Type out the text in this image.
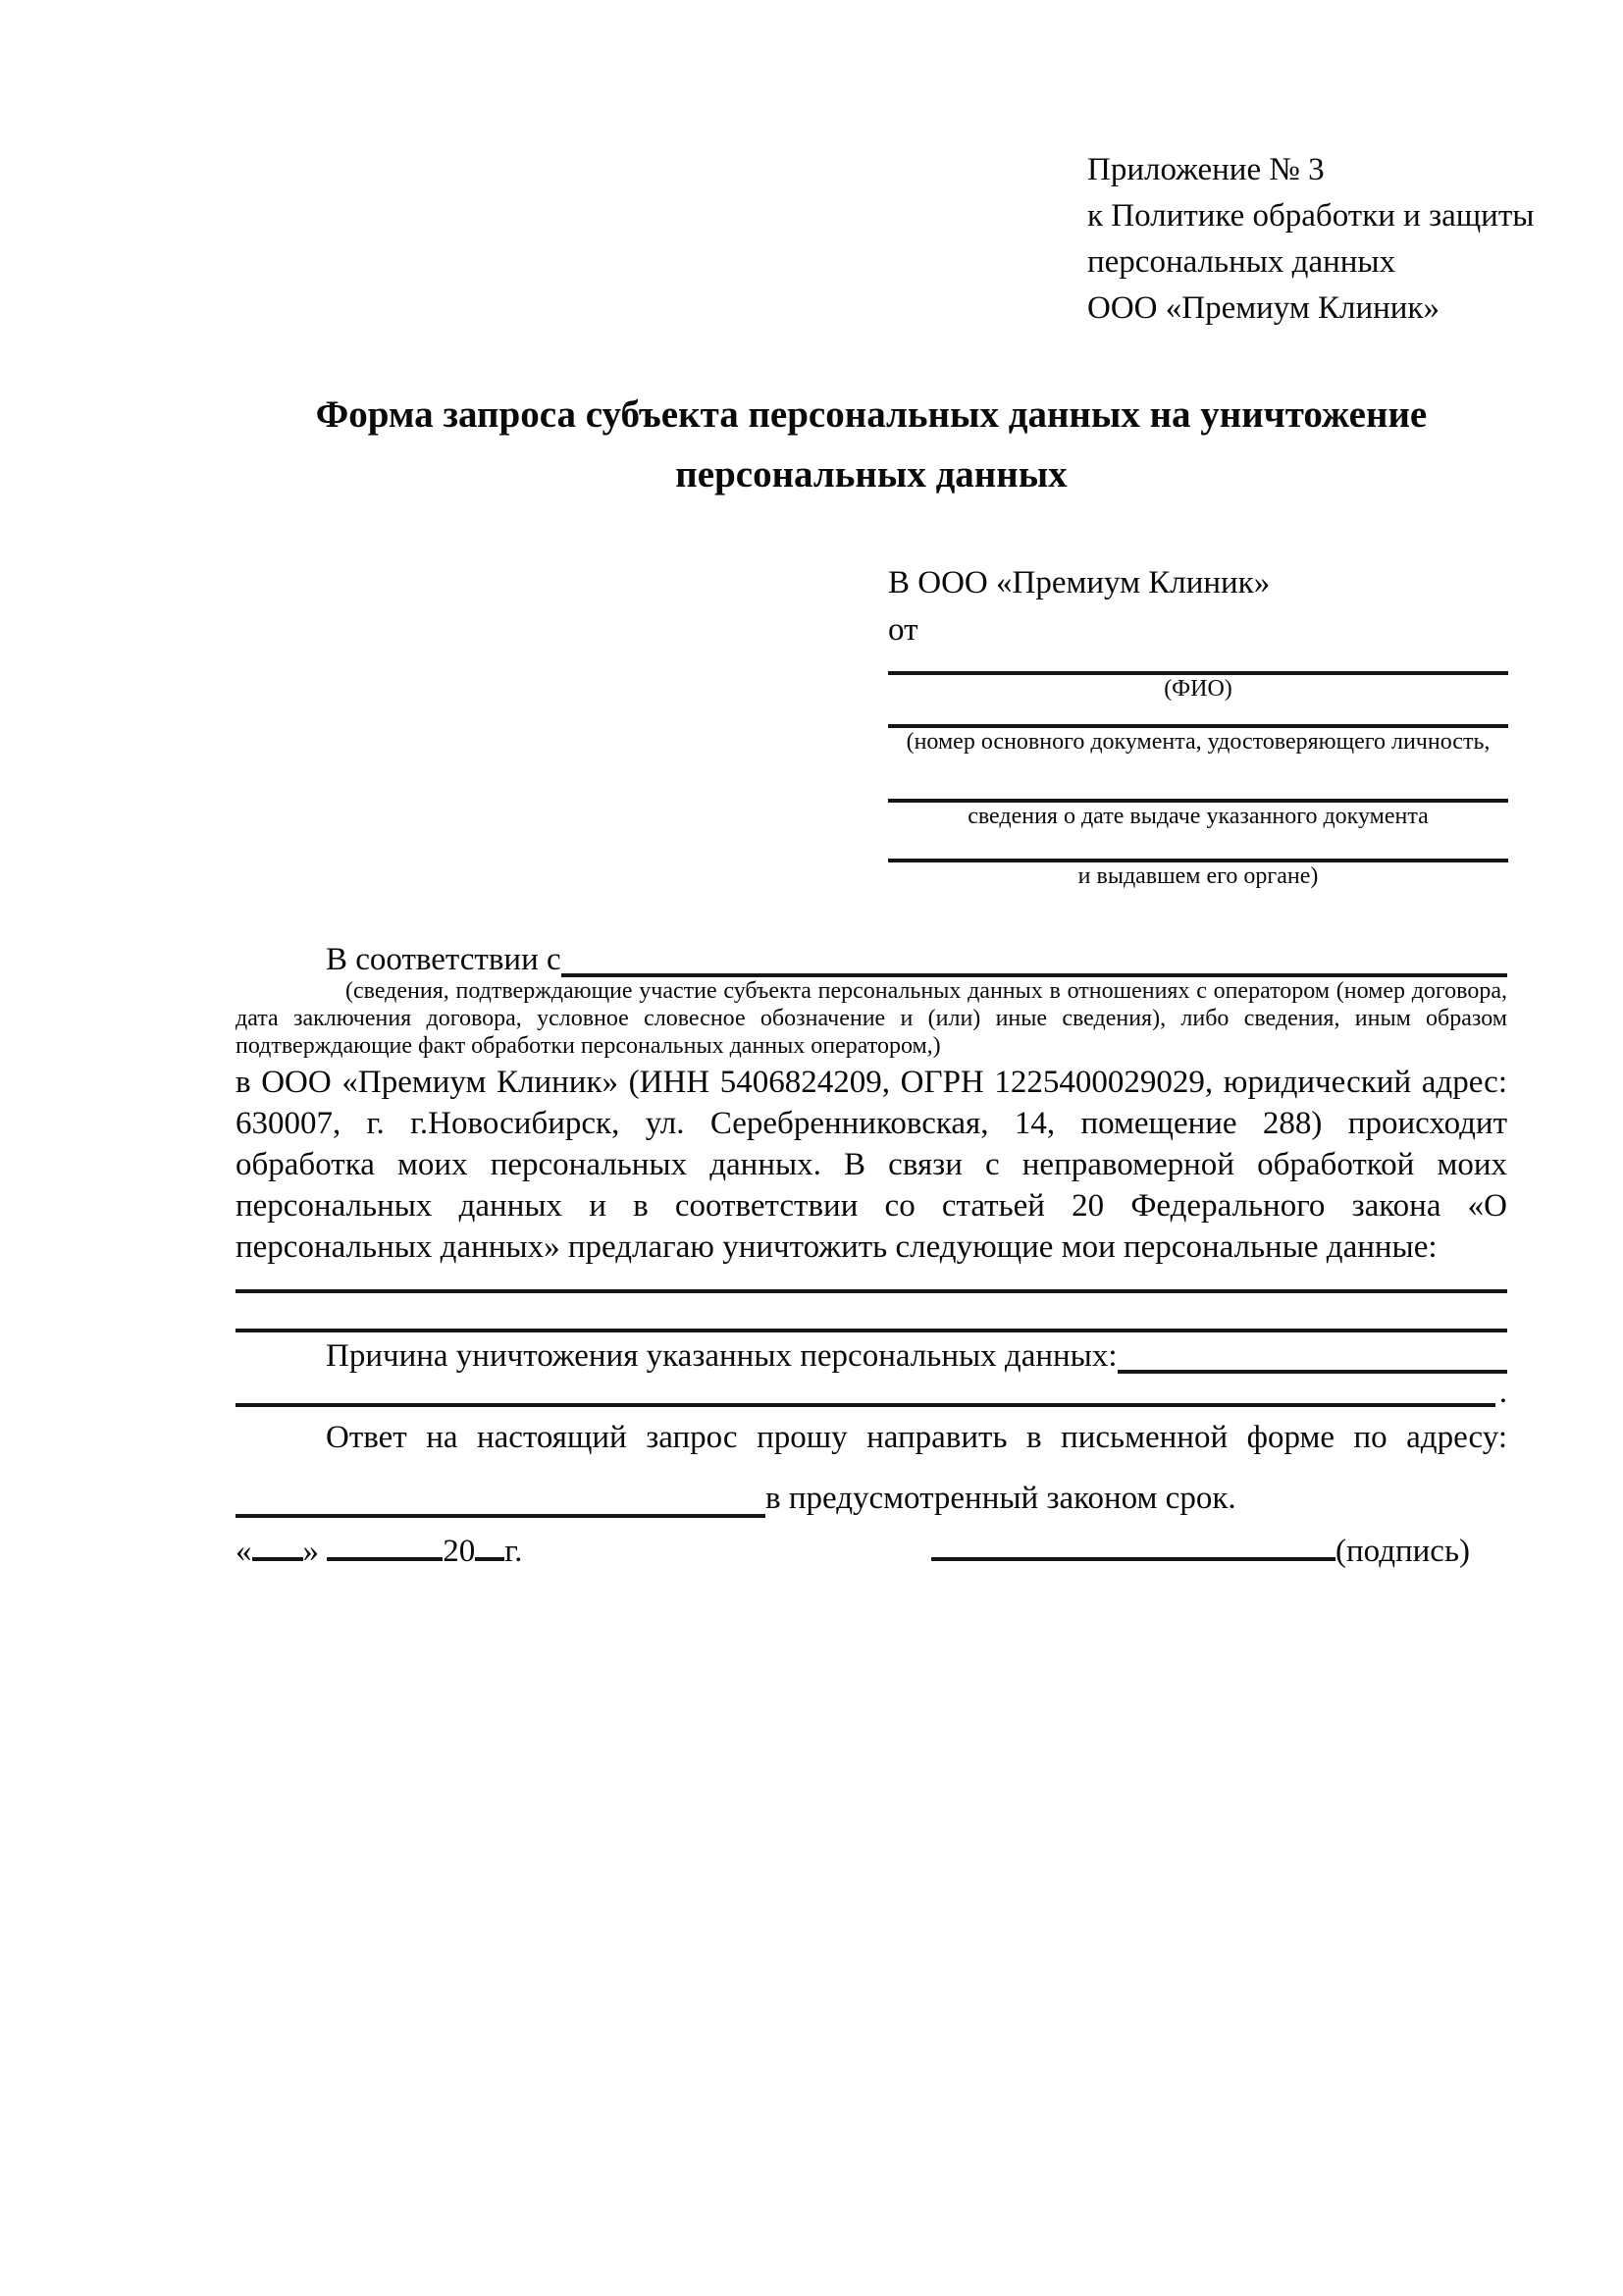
Приложение № 3
к Политике обработки и защиты
персональных данных
ООО «Премиум Клиник»
Форма запроса субъекта персональных данных на уничтожение
персональных данных
В ООО «Премиум Клиник»
от
(ФИО)
(номер основного документа, удостоверяющего личность,
сведения о дате выдаче указанного документа
и выдавшем его органе)
В соответствии с
(сведения, подтверждающие участие субъекта персональных данных в отношениях с оператором (номер договора, дата заключения договора, условное словесное обозначение и (или) иные сведения), либо сведения, иным образом подтверждающие факт обработки персональных данных оператором,)
в ООО «Премиум Клиник» (ИНН 5406824209, ОГРН 1225400029029, юридический адрес: 630007, г. г.Новосибирск, ул. Серебренниковская, 14, помещение 288) происходит обработка моих персональных данных. В связи с неправомерной обработкой моих персональных данных и в соответствии со статьей 20 Федерального закона «О персональных данных» предлагаю уничтожить следующие мои персональные данные:
Причина уничтожения указанных персональных данных:
.
Ответ на настоящий запрос прошу направить в письменной форме по адресу:
в предусмотренный законом срок.
« »	20 г.	(подпись)
